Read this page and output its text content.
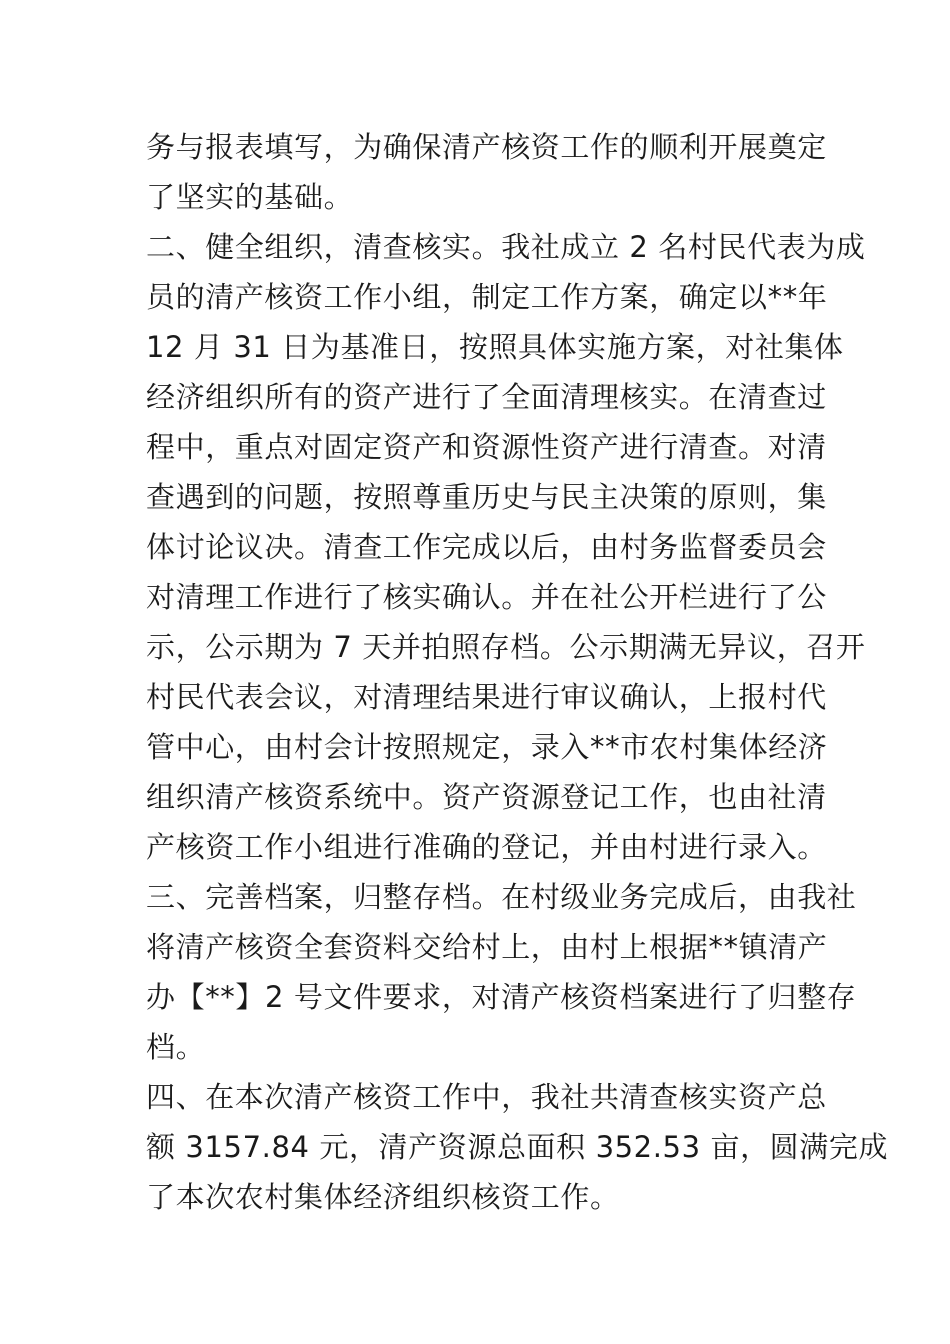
务与报表填写，为确保清产核资工作的顺利开展奠定
了坚实的基础。
二、健全组织，清查核实。我社成立 2 名村民代表为成
员的清产核资工作小组，制定工作方案，确定以**年
12 月 31 日为基准日，按照具体实施方案，对社集体
经济组织所有的资产进行了全面清理核实。在清查过
程中，重点对固定资产和资源性资产进行清查。对清
查遇到的问题，按照尊重历史与民主决策的原则，集
体讨论议决。清查工作完成以后，由村务监督委员会
对清理工作进行了核实确认。并在社公开栏进行了公
示，公示期为 7 天并拍照存档。公示期满无异议，召开
村民代表会议，对清理结果进行审议确认，上报村代
管中心，由村会计按照规定，录入**市农村集体经济
组织清产核资系统中。资产资源登记工作，也由社清
产核资工作小组进行准确的登记，并由村进行录入。
三、完善档案，归整存档。在村级业务完成后，由我社
将清产核资全套资料交给村上，由村上根据**镇清产
办【**】2 号文件要求，对清产核资档案进行了归整存
档。
四、在本次清产核资工作中，我社共清查核实资产总
额 3157.84 元，清产资源总面积 352.53 亩，圆满完成
了本次农村集体经济组织核资工作。
